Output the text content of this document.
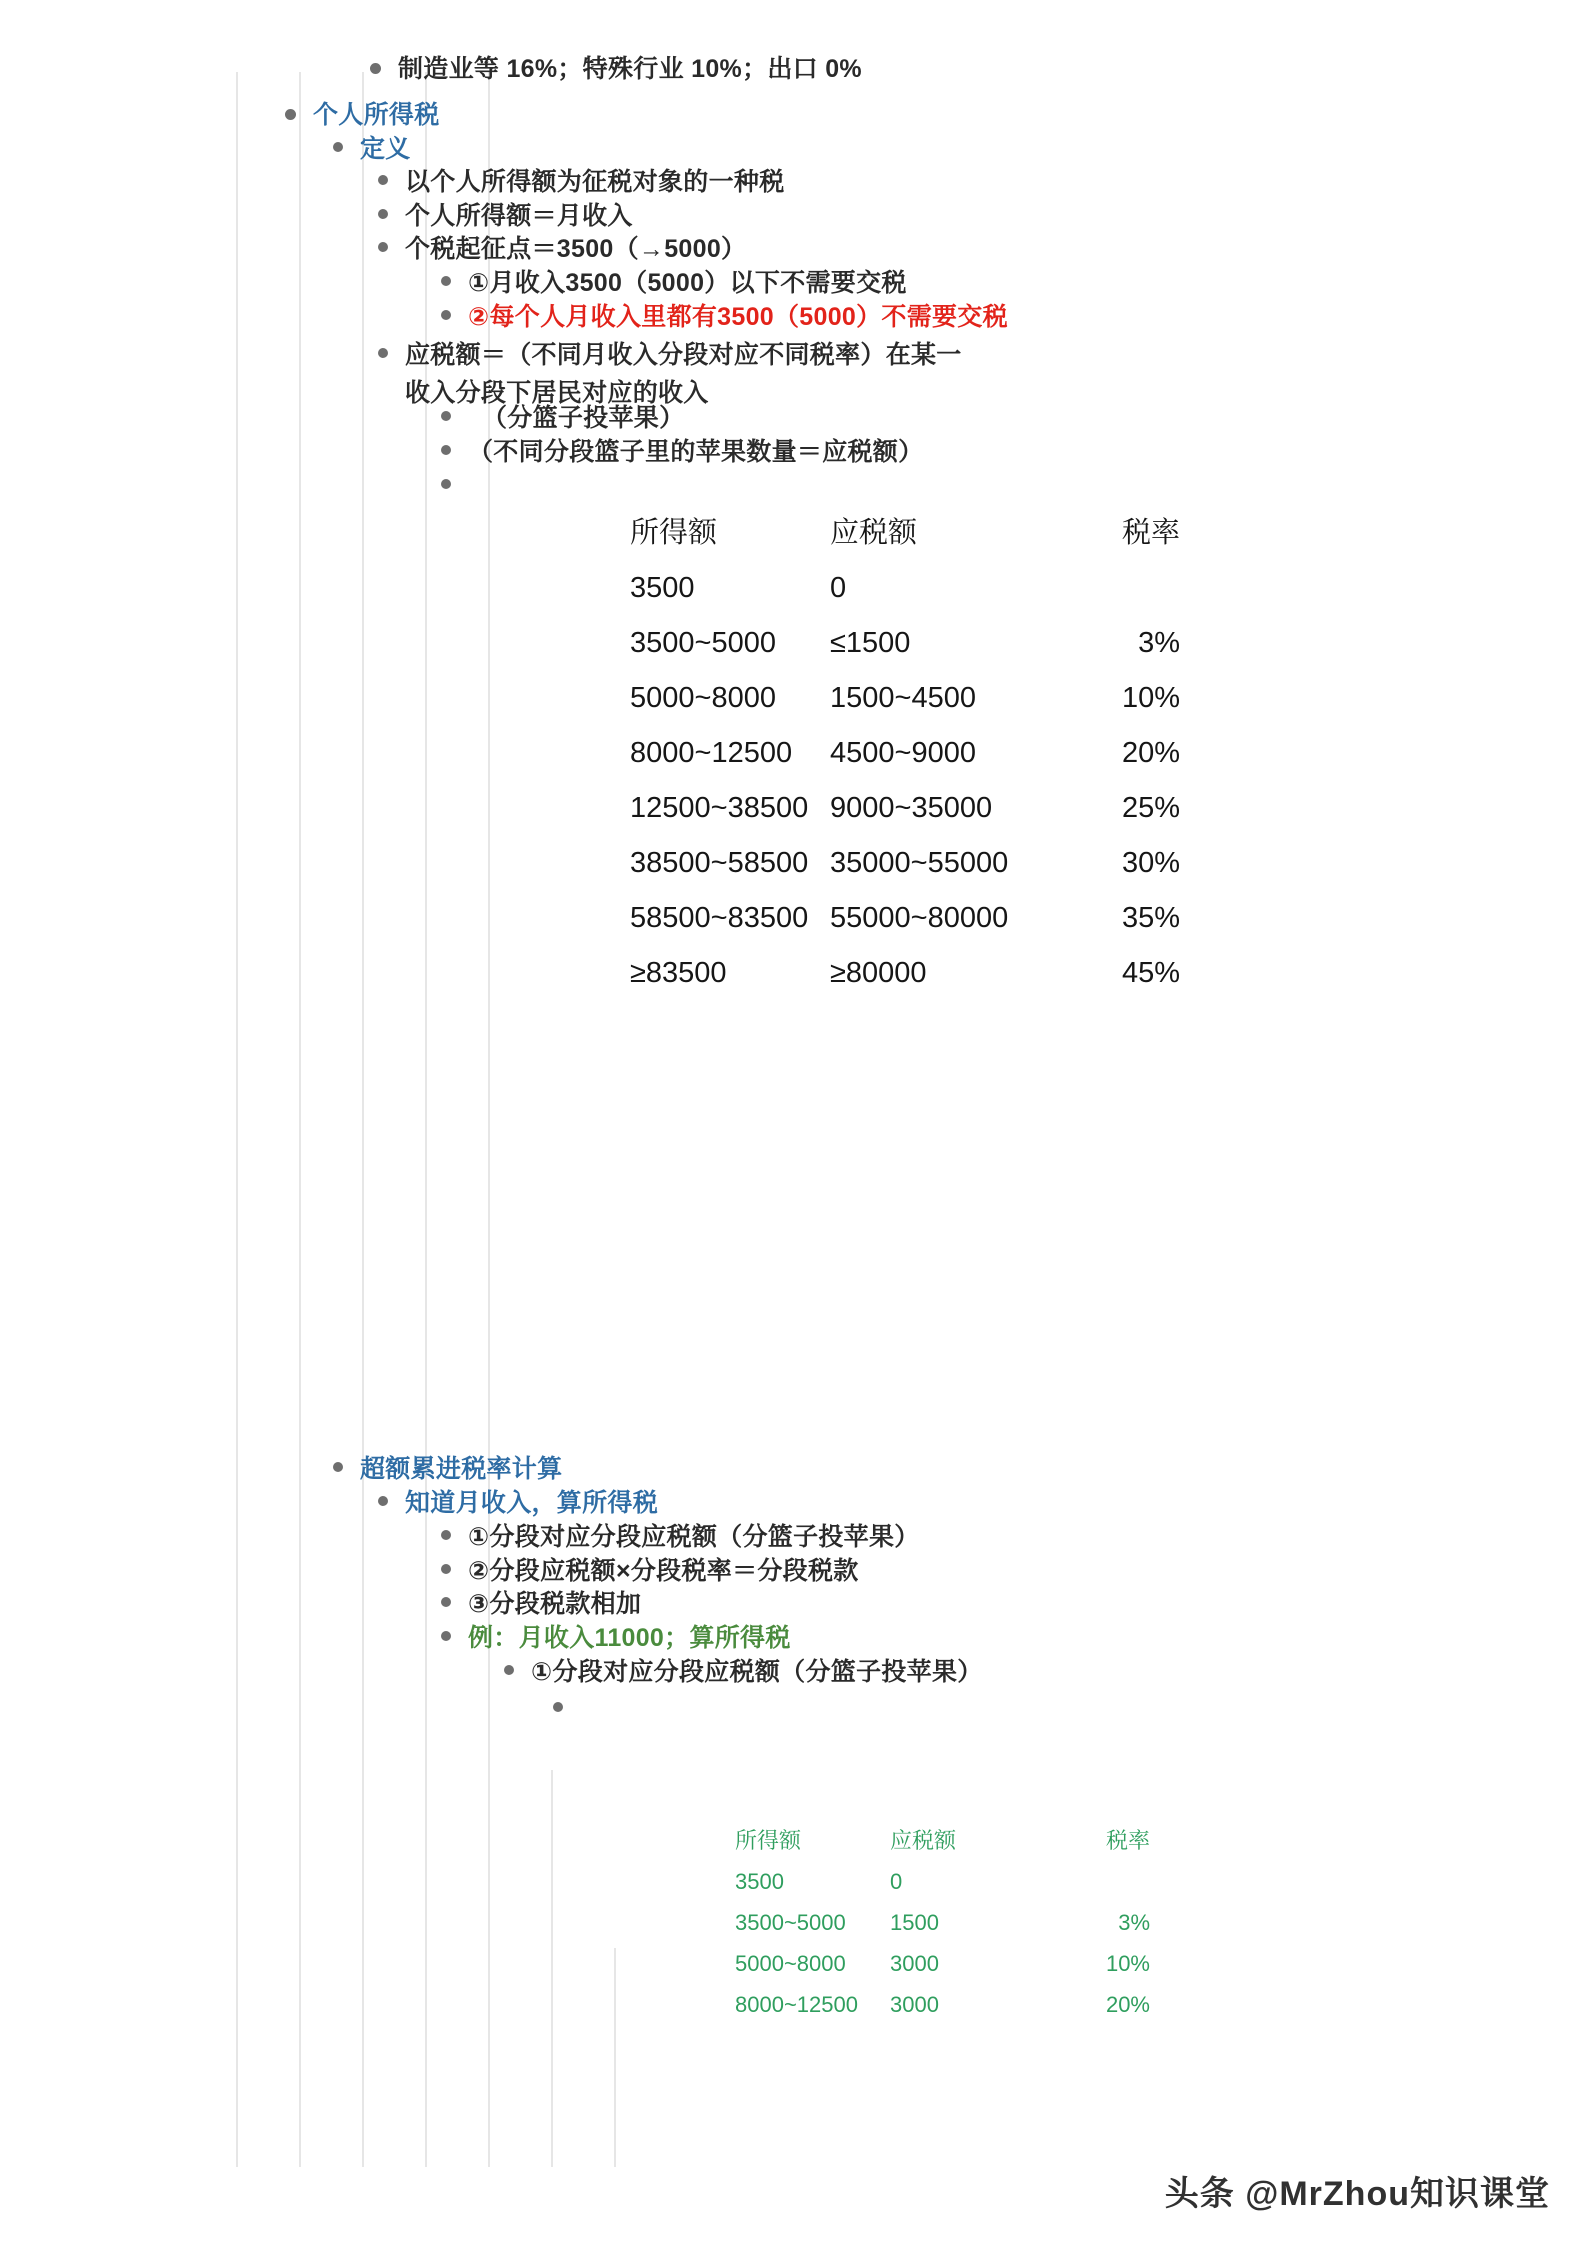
制造业等 16%；特殊行业 10%；出口 0%
个人所得税
定义
以个人所得额为征税对象的一种税
个人所得额＝月收入
个税起征点＝3500（→5000）
①月收入3500（5000）以下不需要交税
②每个人月收入里都有3500（5000）不需要交税
应税额＝（不同月收入分段对应不同税率）在某一收入分段下居民对应的收入
（分篮子投苹果）
（不同分段篮子里的苹果数量＝应税额）
所得额	应税额	税率
3500	0	
3500~5000	≤1500	3%
5000~8000	1500~4500	10%
8000~12500	4500~9000	20%
12500~38500	9000~35000	25%
38500~58500	35000~55000	30%
58500~83500	55000~80000	35%
≥83500	≥80000	45%
超额累进税率计算
知道月收入，算所得税
①分段对应分段应税额（分篮子投苹果）
②分段应税额×分段税率＝分段税款
③分段税款相加
例：月收入11000；算所得税
①分段对应分段应税额（分篮子投苹果）
所得额	应税额	税率
3500	0	
3500~5000	1500	3%
5000~8000	3000	10%
8000~12500	3000	20%
头条 @MrZhou知识课堂
